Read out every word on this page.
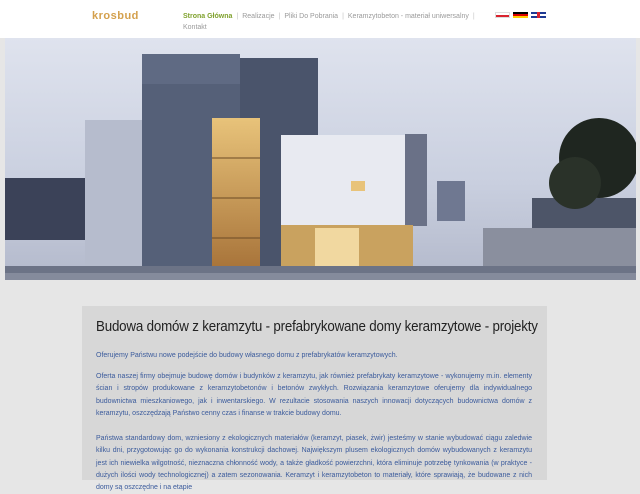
krosbud	Strona Główna | Realizacje | Pliki Do Pobrania | Keramzytobeton - materiał uniwersalny |
Kontakt
Budowa domów z keramzytu - prefabrykowane domy keramzytowe - projekty
Oferujemy Państwu nowe podejście do budowy własnego domu z prefabrykatów keramzytowych.
Oferta naszej firmy obejmuje budowę domów i budynków z keramzytu, jak również prefabrykaty keramzytowe - wykonujemy m.in. elementy ścian i stropów produkowane z keramzytobetonów i betonów zwykłych. Rozwiązania keramzytowe oferujemy dla indywidualnego budownictwa mieszkaniowego, jak i inwentarskiego. W rezultacie stosowania naszych innowacji dotyczących budownictwa domów z keramzytu, oszczędzają Państwo cenny czas i finanse w trakcie budowy domu.
Państwa standardowy dom, wzniesiony z ekologicznych materiałów (keramzyt, piasek, żwir) jesteśmy w stanie wybudować ciągu zaledwie kilku dni, przygotowując go do wykonania konstrukcji dachowej. Największym plusem ekologicznych domów wybudowanych z keramzytu jest ich niewielka wilgotność, nieznaczna chłonność wody, a także gładkość powierzchni, która eliminuje potrzebę tynkowania (w praktyce - dużych ilości wody technologicznej) a zatem sezonowania. Keramzyt i keramzytobeton to materiały, które sprawiają, że budowane z nich domy są oszczędne i na etapie
